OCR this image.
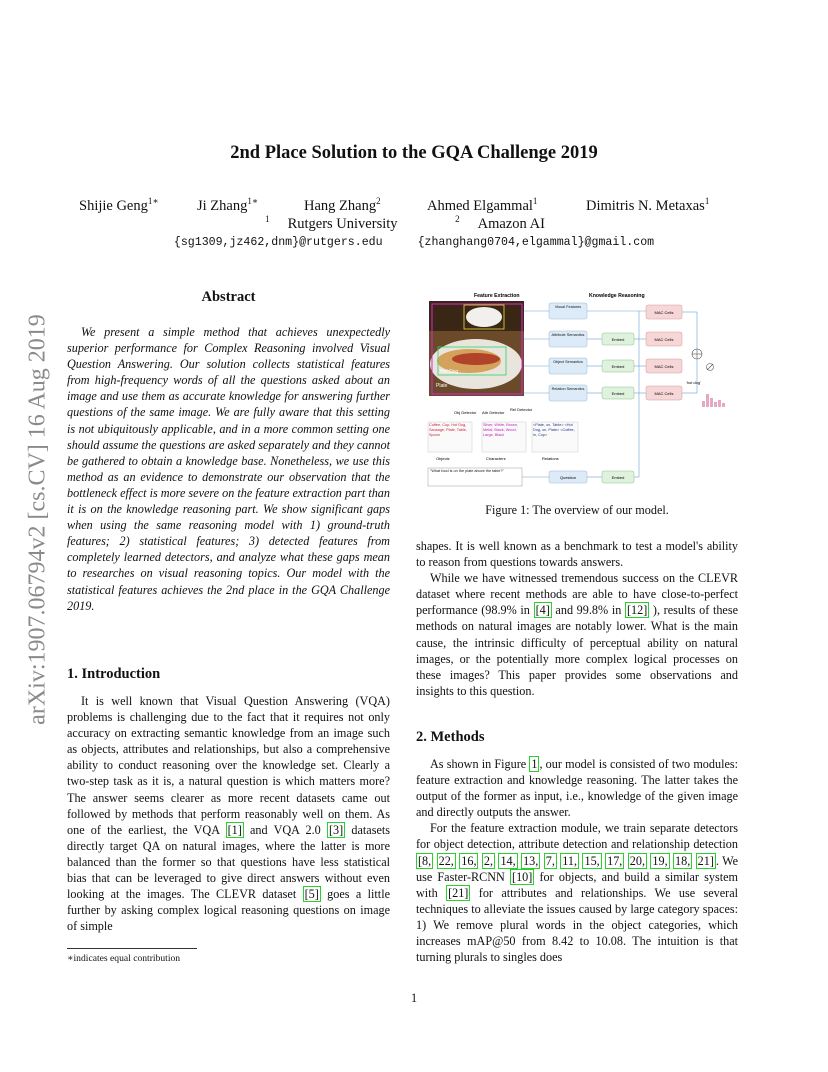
2nd Place Solution to the GQA Challenge 2019
Shijie Geng$^{1∗}$	Ji Zhang$^{1∗}$	Hang Zhang$^2$	Ahmed Elgammal$^1$	Dimitris N. Metaxas$^1$
$^1$ Rutgers University	$^2$ Amazon AI
{sg1309,jz462,dnm}@rutgers.edu	{zhanghang0704,elgammal}@gmail.com
arXiv:1907.06794v2 [cs.CV] 16 Aug 2019
Abstract

We present a simple method that achieves unexpectedly superior performance for Complex Reasoning involved Visual Question Answering. Our solution collects statistical features from high-frequency words of all the questions asked about an image and use them as accurate knowledge for answering further questions of the same image. We are fully aware that this setting is not ubiquitously applicable, and in a more common setting one should assume the questions are asked separately and they cannot be gathered to obtain a knowledge base. Nonetheless, we use this method as an evidence to demonstrate our observation that the bottleneck effect is more severe on the feature extraction part than it is on the knowledge reasoning part. We show significant gaps when using the same reasoning model with 1) ground-truth features; 2) statistical features; 3) detected features from completely learned detectors, and analyze what these gaps mean to researches on visual reasoning topics. Our model with the statistical features achieves the 2nd place in the GQA Challenge 2019.

1. Introduction

It is well known that Visual Question Answering (VQA) problems is challenging due to the fact that it requires not only accuracy on extracting semantic knowledge from an image such as objects, attributes and relationships, but also a comprehensive ability to conduct reasoning over the knowledge set. Clearly a two-step task as it is, a natural question is which matters more? The answer seems clearer as more recent datasets came out followed by methods that perform reasonably well on them. As one of the earliest, the VQA [1] and VQA 2.0 [3] datasets directly target QA on natural images, where the latter is more balanced than the former so that questions have less statistical bias that can be leveraged to give direct answers without even looking at the images. The CLEVR dataset [5] goes a little further by asking complex logical reasoning questions on image of simple

∗indicates equal contribution
1
Feature Extraction	Knowledge Reasoning
Hot Dog
Plate
Obj Detector Attr Detector
Rel Detector
Coffee, Cup, Hot Dog, Sausage, Plate, Table, Spoon
Silver, White, Brown, Metal, Black, Wood, Large, Black
<Plate, on, Table> <Hot Dog, on, Plate> <Coffee, in, Cup>
Objects	Characters	Relations
"What food is on the plate above the table?"
Visual Features
Attribute Semantics
Object Semantics
Relation Semantics
Question
Embed
Embed
Embed
Embed
MAC Cells
MAC Cells
MAC Cells
MAC Cells
'hot dog'
Figure 1: The overview of our model.

shapes. It is well known as a benchmark to test a model's ability to reason from questions towards answers.

While we have witnessed tremendous success on the CLEVR dataset where recent methods are able to have close-to-perfect performance (98.9% in [4] and 99.8% in [12] ), results of these methods on natural images are notably lower. What is the main cause, the intrinsic difficulty of perceptual ability on natural images, or the potentially more complex logical processes on these images? This paper provides some observations and insights to this question.

2. Methods

As shown in Figure 1 , our model is consisted of two modules: feature extraction and knowledge reasoning. The latter takes the output of the former as input, i.e., knowledge of the given image and directly outputs the answer.

For the feature extraction module, we train separate detectors for object detection, attribute detection and relationship detection [8, 22, 16, 2, 14, 13, 7, 11, 15, 17, 20, 19, 18, 21] . We use Faster-RCNN [10] for objects, and build a similar system with [21] for attributes and relationships. We use several techniques to alleviate the issues caused by large category spaces: 1) We remove plural words in the object categories, which increases mAP@50 from 8.42 to 10.08. The intuition is that turning plurals to singles does
